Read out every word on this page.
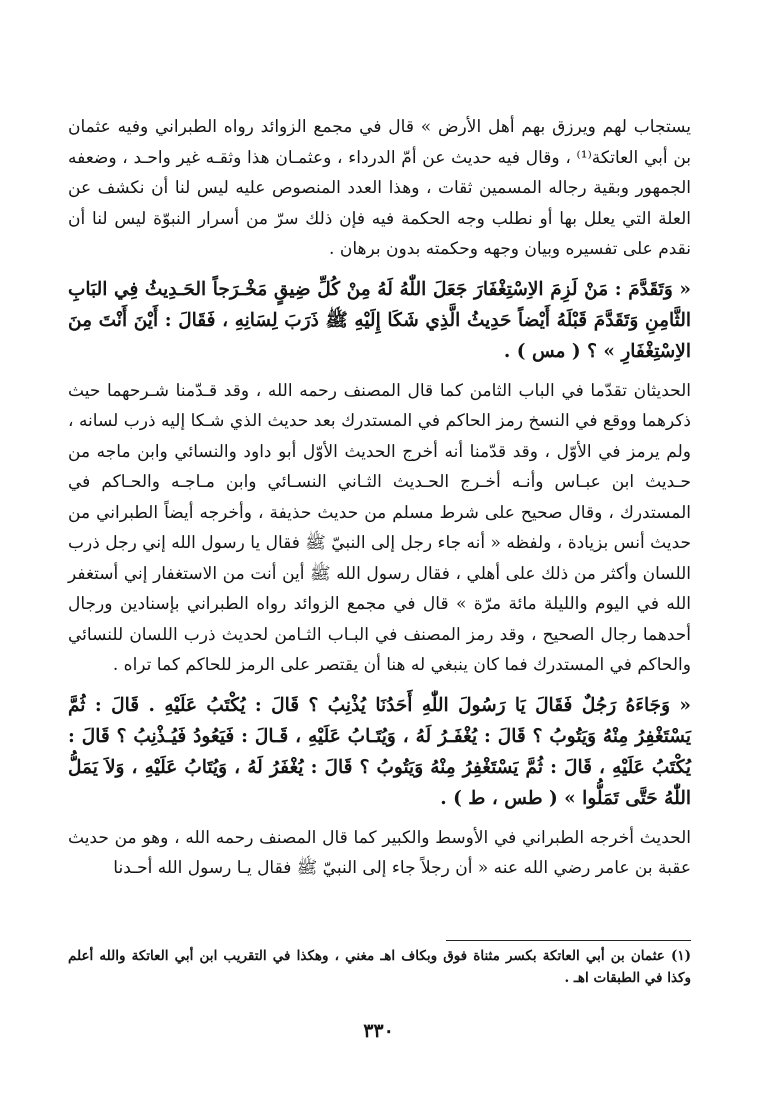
يستجاب لهم ويرزق بهم أهل الأرض » قال في مجمع الزوائد رواه الطبراني وفيه عثمان بن أبي العاتكة⁽¹⁾ ، وقال فيه حديث عن أمّ الدرداء ، وعثمـان هذا وثقـه غير واحـد ، وضعفه الجمهور وبقية رجاله المسمين ثقات ، وهذا العدد المنصوص عليه ليس لنا أن نكشف عن العلة التي يعلل بها أو نطلب وجه الحكمة فيه فإن ذلك سرّ من أسرار النبوّة ليس لنا أن نقدم على تفسيره وبيان وجهه وحكمته بدون برهان .

« وَتَقَدَّمَ : مَنْ لَزِمَ الاِسْتِغْفَارَ جَعَلَ اللّٰهُ لَهُ مِنْ كُلِّ ضِيقٍ مَخْـرَجاً الحَـدِيثُ فِي البَابِ الثَّامِنِ وَتَقَدَّمَ قَبْلَهُ أَيْضاً حَدِيثُ الَّذِي شَكَا إِلَيْهِ ﷺ ذَرَبَ لِسَانِهِ ، فَقَالَ : أَيْنَ أَنْتَ مِنَ الاِسْتِغْفَارِ » ؟ ( مس ) .

الحديثان تقدّما في الباب الثامن كما قال المصنف رحمه الله ، وقد قـدّمنا شـرحهما حيث ذكرهما ووقع في النسخ رمز الحاكم في المستدرك بعد حديث الذي شـكا إليه ذرب لسانه ، ولم يرمز في الأوّل ، وقد قدّمنا أنه أخرج الحديث الأوّل أبو داود والنسائي وابن ماجه من حـديث ابن عبـاس وأنـه أخـرج الحـديث الثـاني النسـائي وابن مـاجـه والحـاكم في المستدرك ، وقال صحيح على شرط مسلم من حديث حذيفة ، وأخرجه أيضاً الطبراني من حديث أنس بزيادة ، ولفظه « أنه جاء رجل إلى النبيّ ﷺ فقال يا رسول الله إني رجل ذرب اللسان وأكثر من ذلك على أهلي ، فقال رسول الله ﷺ أين أنت من الاستغفار إني أستغفر الله في اليوم والليلة مائة مرّة » قال في مجمع الزوائد رواه الطبراني بإسنادين ورجال أحدهما رجال الصحيح ، وقد رمز المصنف في البـاب الثـامن لحديث ذرب اللسان للنسائي والحاكم في المستدرك فما كان ينبغي له هنا أن يقتصر على الرمز للحاكم كما تراه .

« وَجَاءَهُ رَجُلٌ فَقَالَ يَا رَسُولَ اللّٰهِ أَحَدُنَا يُذْنِبُ ؟ قَالَ : يُكْتَبُ عَلَيْهِ . قَالَ : ثُمَّ يَسْتَغْفِرُ مِنْهُ وَيَتُوبُ ؟ قَالَ : يُغْفَـرُ لَهُ ، وَيُتَـابُ عَلَيْهِ ، قَـالَ : فَيَعُودُ فَيُـذْنِبُ ؟ قَالَ : يُكْتَبُ عَلَيْهِ ، قَالَ : ثُمَّ يَسْتَغْفِرُ مِنْهُ وَيَتُوبُ ؟ قَالَ : يُغْفَرُ لَهُ ، وَيُتَابُ عَلَيْهِ ، وَلاَ يَمَلُّ اللّٰهُ حَتَّى تَمَلُّوا » ( طس ، ط ) .

الحديث أخرجه الطبراني في الأوسط والكبير كما قال المصنف رحمه الله ، وهو من حديث عقبة بن عامر رضي الله عنه « أن رجلاً جاء إلى النبيّ ﷺ فقال يـا رسول الله أحـدنا

(١) عثمان بن أبي العاتكة بكسر مثناة فوق وبكاف اهـ مغني ، وهكذا في التقريب ابن أبي العاتكة والله أعلم وكذا في الطبقات اهـ .

٣٣٠
